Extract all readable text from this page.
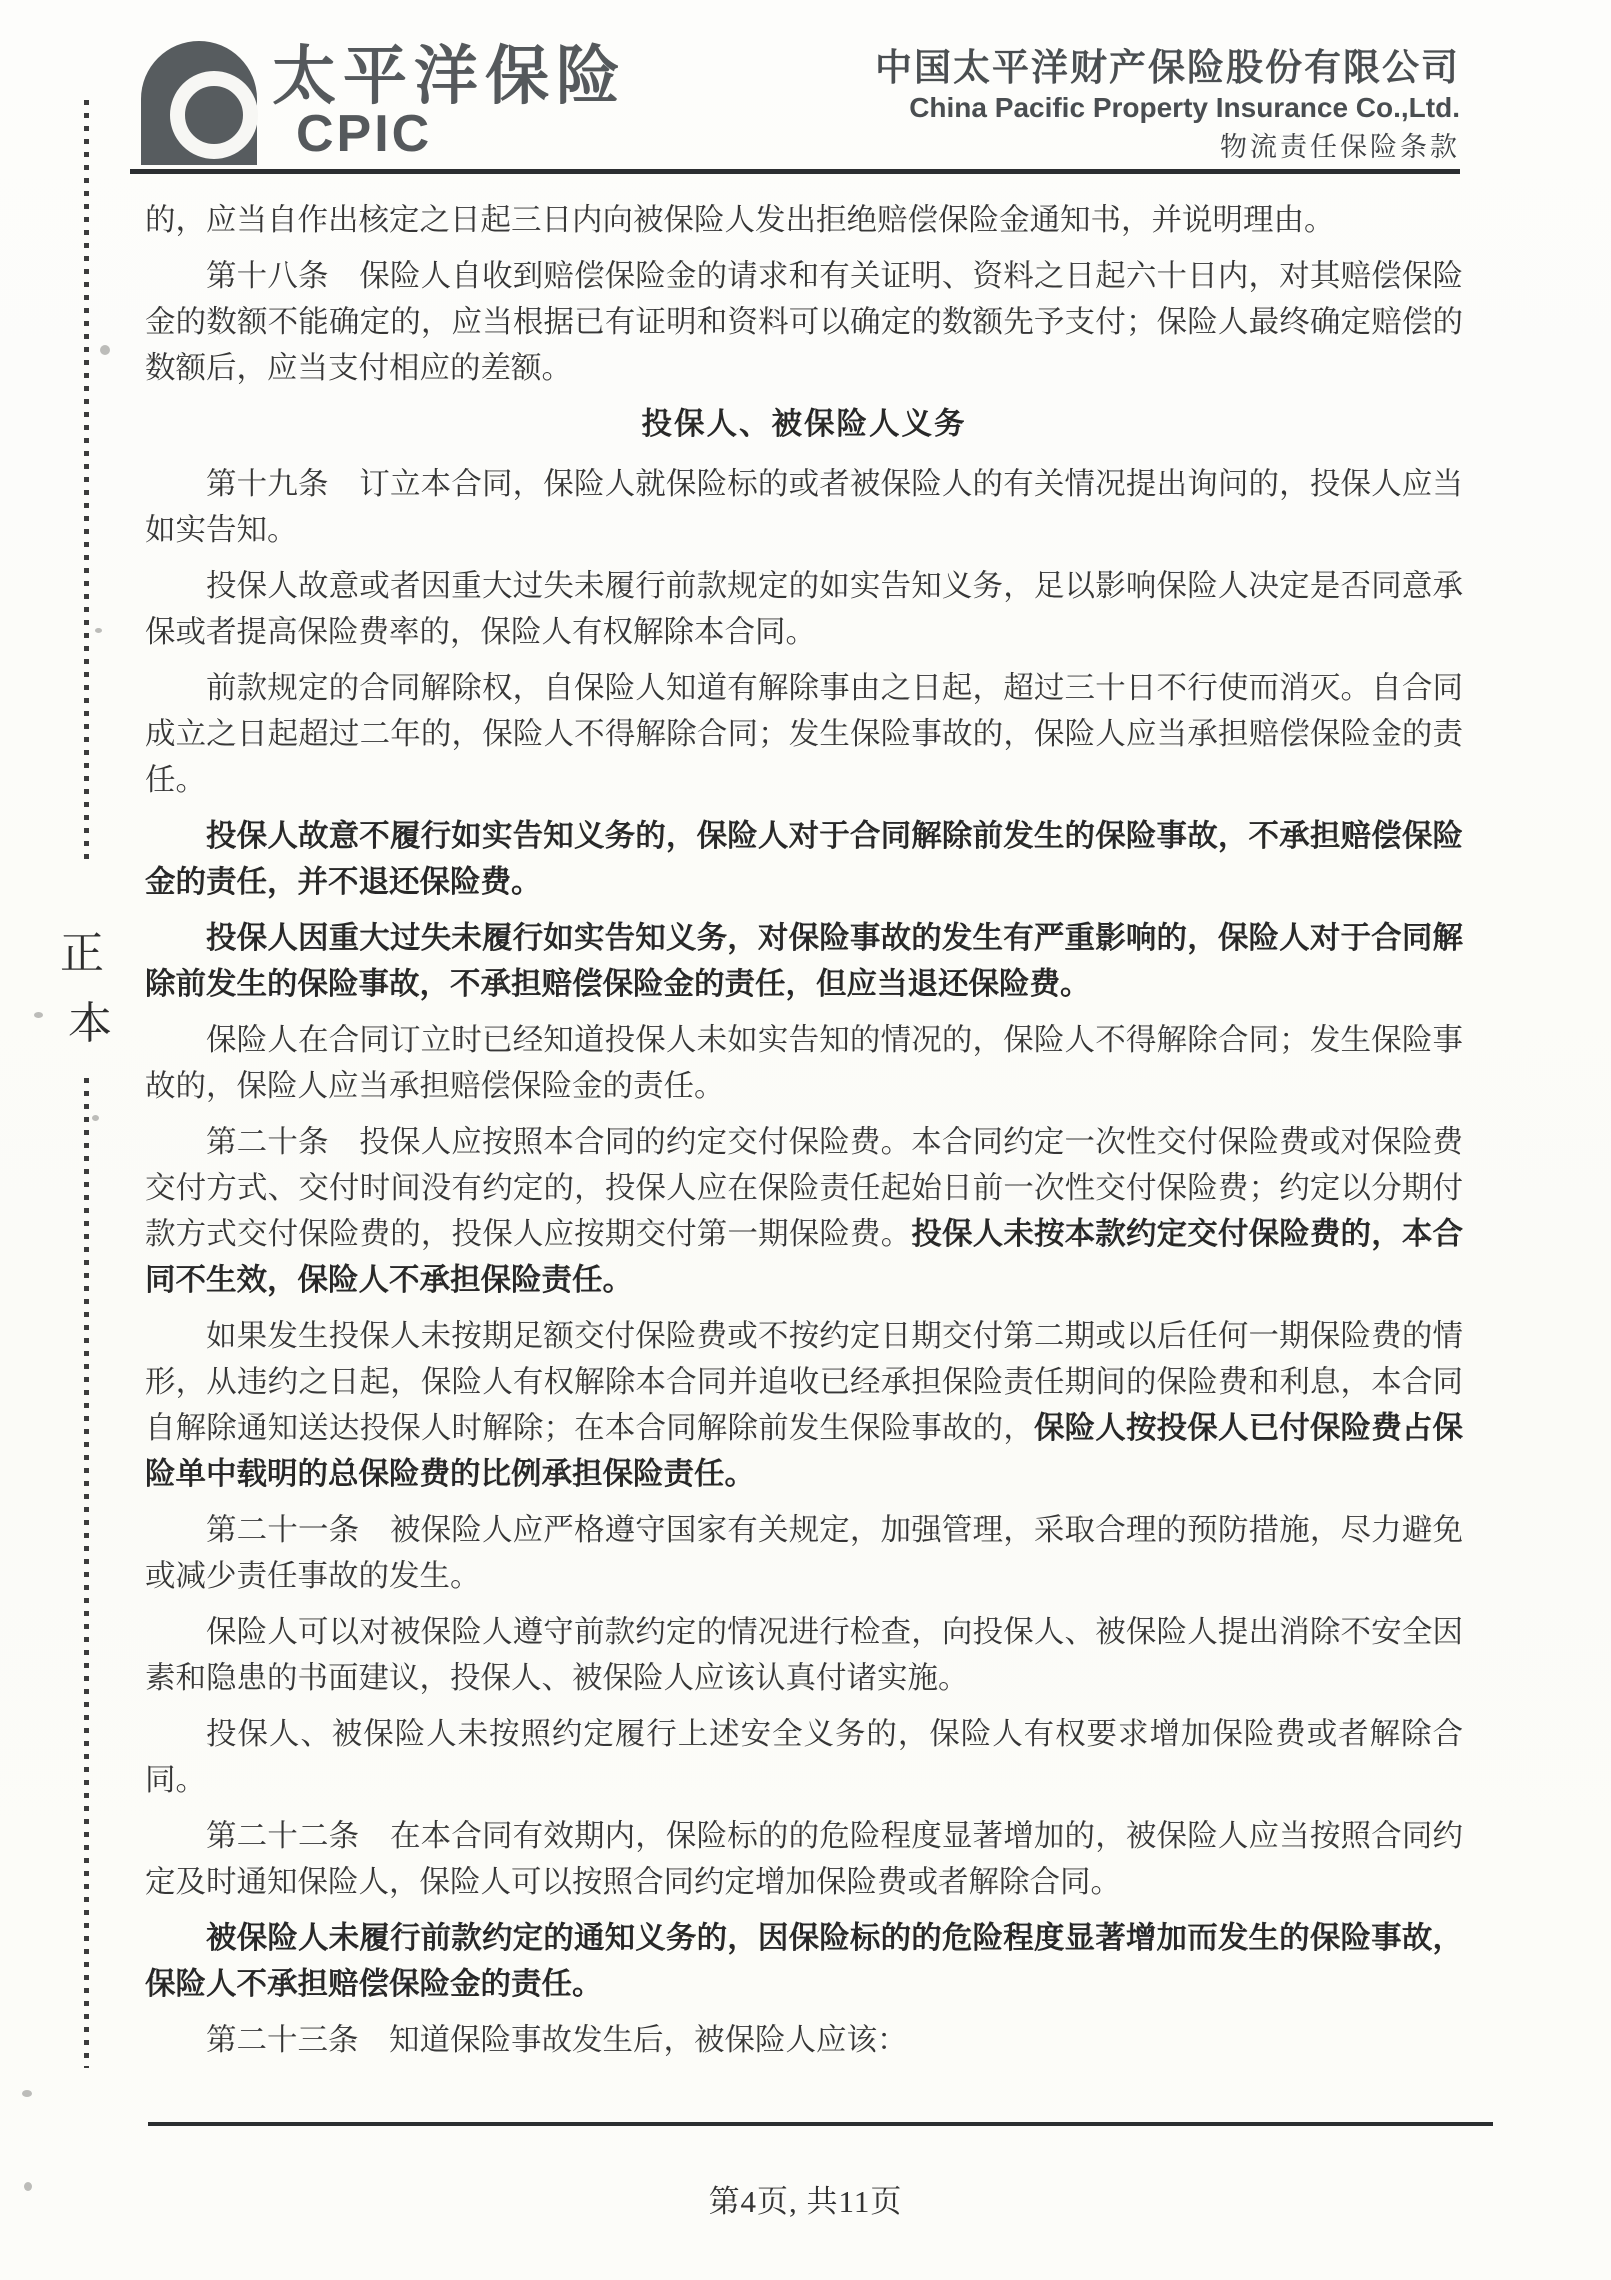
太平洋保险
CPIC
中国太平洋财产保险股份有限公司
China Pacific Property Insurance Co.,Ltd.
物流责任保险条款
正
本

的，应当自作出核定之日起三日内向被保险人发出拒绝赔偿保险金通知书，并说明理由。

第十八条　保险人自收到赔偿保险金的请求和有关证明、资料之日起六十日内，对其赔偿保险金的数额不能确定的，应当根据已有证明和资料可以确定的数额先予支付；保险人最终确定赔偿的数额后，应当支付相应的差额。

投保人、被保险人义务

第十九条　订立本合同，保险人就保险标的或者被保险人的有关情况提出询问的，投保人应当如实告知。

投保人故意或者因重大过失未履行前款规定的如实告知义务，足以影响保险人决定是否同意承保或者提高保险费率的，保险人有权解除本合同。

前款规定的合同解除权，自保险人知道有解除事由之日起，超过三十日不行使而消灭。自合同成立之日起超过二年的，保险人不得解除合同；发生保险事故的，保险人应当承担赔偿保险金的责任。

投保人故意不履行如实告知义务的，保险人对于合同解除前发生的保险事故，不承担赔偿保险金的责任，并不退还保险费。

投保人因重大过失未履行如实告知义务，对保险事故的发生有严重影响的，保险人对于合同解除前发生的保险事故，不承担赔偿保险金的责任，但应当退还保险费。

保险人在合同订立时已经知道投保人未如实告知的情况的，保险人不得解除合同；发生保险事故的，保险人应当承担赔偿保险金的责任。

第二十条　投保人应按照本合同的约定交付保险费。本合同约定一次性交付保险费或对保险费交付方式、交付时间没有约定的，投保人应在保险责任起始日前一次性交付保险费；约定以分期付款方式交付保险费的，投保人应按期交付第一期保险费。投保人未按本款约定交付保险费的，本合同不生效，保险人不承担保险责任。

如果发生投保人未按期足额交付保险费或不按约定日期交付第二期或以后任何一期保险费的情形，从违约之日起，保险人有权解除本合同并追收已经承担保险责任期间的保险费和利息，本合同自解除通知送达投保人时解除；在本合同解除前发生保险事故的，保险人按投保人已付保险费占保险单中载明的总保险费的比例承担保险责任。

第二十一条　被保险人应严格遵守国家有关规定，加强管理，采取合理的预防措施，尽力避免或减少责任事故的发生。

保险人可以对被保险人遵守前款约定的情况进行检查，向投保人、被保险人提出消除不安全因素和隐患的书面建议，投保人、被保险人应该认真付诸实施。

投保人、被保险人未按照约定履行上述安全义务的，保险人有权要求增加保险费或者解除合同。

第二十二条　在本合同有效期内，保险标的的危险程度显著增加的，被保险人应当按照合同约定及时通知保险人，保险人可以按照合同约定增加保险费或者解除合同。

被保险人未履行前款约定的通知义务的，因保险标的的危险程度显著增加而发生的保险事故，保险人不承担赔偿保险金的责任。

第二十三条　知道保险事故发生后，被保险人应该：

第4页, 共11页
